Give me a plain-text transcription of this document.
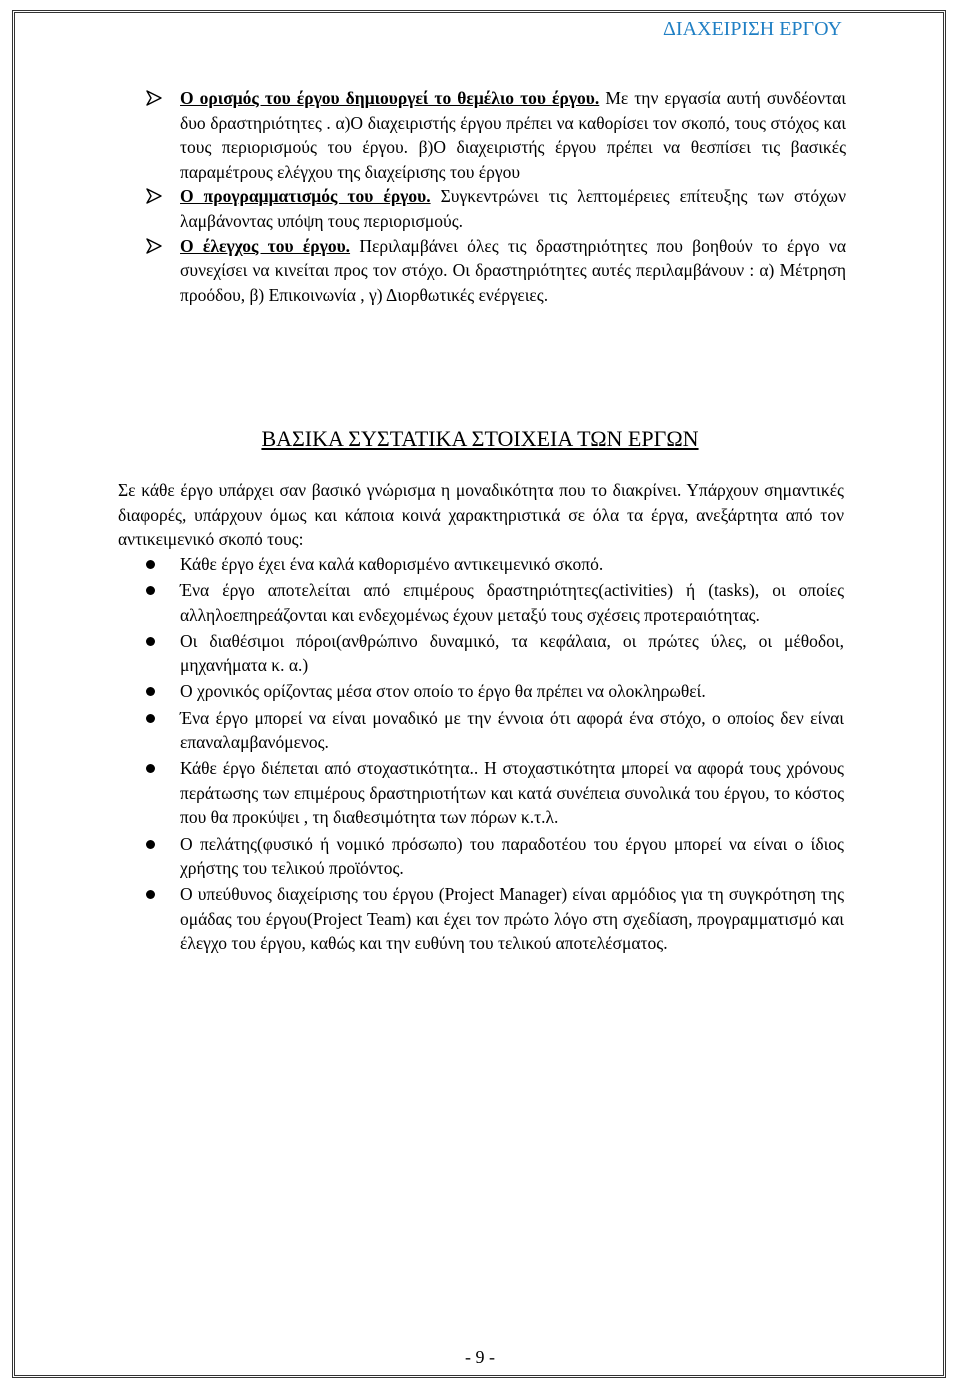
ΔΙΑΧΕΙΡΙΣΗ ΕΡΓΟΥ
Ο ορισμός του έργου δημιουργεί το θεμέλιο του έργου. Με την εργασία αυτή συνδέονται δυο δραστηριότητες . α)Ο διαχειριστής έργου πρέπει να καθορίσει τον σκοπό, τους στόχος και τους περιορισμούς του έργου. β)Ο διαχειριστής έργου πρέπει να θεσπίσει τις βασικές παραμέτρους ελέγχου της διαχείρισης του έργου
Ο προγραμματισμός του έργου. Συγκεντρώνει τις λεπτομέρειες επίτευξης των στόχων λαμβάνοντας υπόψη τους περιορισμούς.
Ο έλεγχος του έργου. Περιλαμβάνει όλες τις δραστηριότητες που βοηθούν το έργο να συνεχίσει να κινείται προς τον στόχο. Οι δραστηριότητες αυτές περιλαμβάνουν : α) Μέτρηση προόδου, β) Επικοινωνία , γ) Διορθωτικές ενέργειες.
ΒΑΣΙΚΑ ΣΥΣΤΑΤΙΚΑ ΣΤΟΙΧΕΙΑ ΤΩΝ ΕΡΓΩΝ
Σε κάθε έργο υπάρχει σαν βασικό γνώρισμα η μοναδικότητα που το διακρίνει. Υπάρχουν σημαντικές διαφορές, υπάρχουν όμως και κάποια κοινά χαρακτηριστικά σε όλα τα έργα, ανεξάρτητα από τον αντικειμενικό σκοπό τους:
Κάθε έργο έχει ένα καλά καθορισμένο αντικειμενικό σκοπό.
Ένα έργο αποτελείται από επιμέρους δραστηριότητες(activities) ή (tasks), οι οποίες αλληλοεπηρεάζονται και ενδεχομένως έχουν μεταξύ τους σχέσεις προτεραιότητας.
Οι διαθέσιμοι πόροι(ανθρώπινο δυναμικό, τα κεφάλαια, οι πρώτες ύλες, οι μέθοδοι, μηχανήματα κ. α.)
Ο χρονικός ορίζοντας μέσα στον οποίο το έργο θα πρέπει να ολοκληρωθεί.
Ένα έργο μπορεί να είναι μοναδικό με την έννοια ότι αφορά ένα στόχο, ο οποίος δεν είναι επαναλαμβανόμενος.
Κάθε έργο διέπεται από στοχαστικότητα.. Η στοχαστικότητα μπορεί να αφορά τους χρόνους περάτωσης των επιμέρους δραστηριοτήτων και κατά συνέπεια συνολικά του έργου, το κόστος που θα προκύψει , τη διαθεσιμότητα των πόρων κ.τ.λ.
Ο πελάτης(φυσικό ή νομικό πρόσωπο) του παραδοτέου του έργου μπορεί να είναι ο ίδιος χρήστης του τελικού προϊόντος.
Ο υπεύθυνος διαχείρισης του έργου (Project Manager) είναι αρμόδιος για τη συγκρότηση της ομάδας του έργου(Project Team) και έχει τον πρώτο λόγο στη σχεδίαση, προγραμματισμό και έλεγχο του έργου, καθώς και την ευθύνη του τελικού αποτελέσματος.
- 9 -
